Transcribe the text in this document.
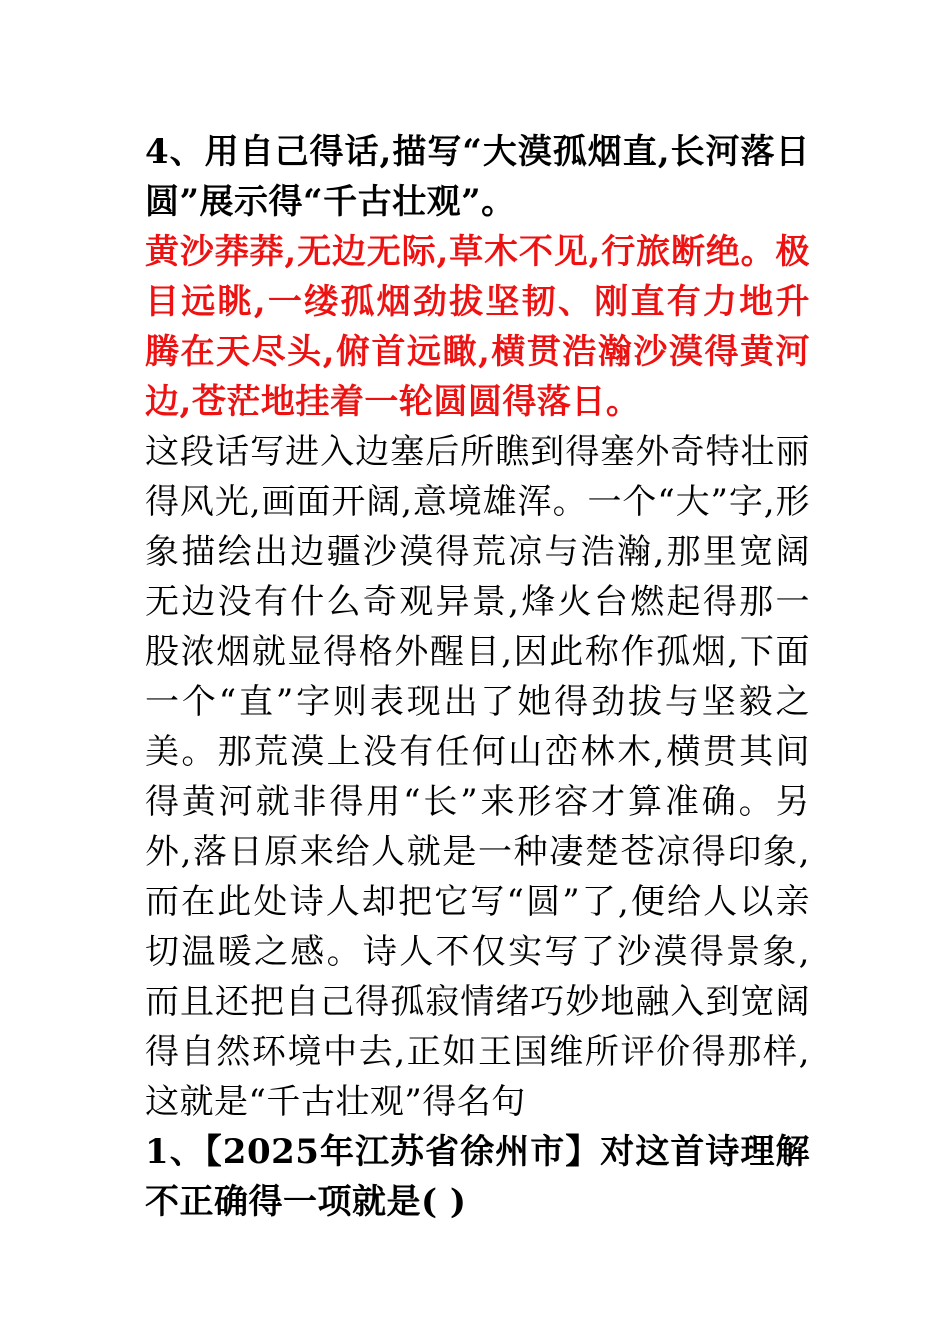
4、用自己得话,描写“大漠孤烟直,长河落日圆”展示得“千古壮观”。

黄沙莽莽,无边无际,草木不见,行旅断绝。极目远眺,一缕孤烟劲拔坚韧、刚直有力地升腾在天尽头,俯首远瞰,横贯浩瀚沙漠得黄河边,苍茫地挂着一轮圆圆得落日。

这段话写进入边塞后所瞧到得塞外奇特壮丽得风光,画面开阔,意境雄浑。一个“大”字,形象描绘出边疆沙漠得荒凉与浩瀚,那里宽阔无边没有什么奇观异景,烽火台燃起得那一股浓烟就显得格外醒目,因此称作孤烟,下面一个“直”字则表现出了她得劲拔与坚毅之美。那荒漠上没有任何山峦林木,横贯其间得黄河就非得用“长”来形容才算准确。另外,落日原来给人就是一种凄楚苍凉得印象,而在此处诗人却把它写“圆”了,便给人以亲切温暖之感。诗人不仅实写了沙漠得景象,而且还把自己得孤寂情绪巧妙地融入到宽阔得自然环境中去,正如王国维所评价得那样,这就是“千古壮观”得名句

1、【2025年江苏省徐州市】对这首诗理解不正确得一项就是( )
